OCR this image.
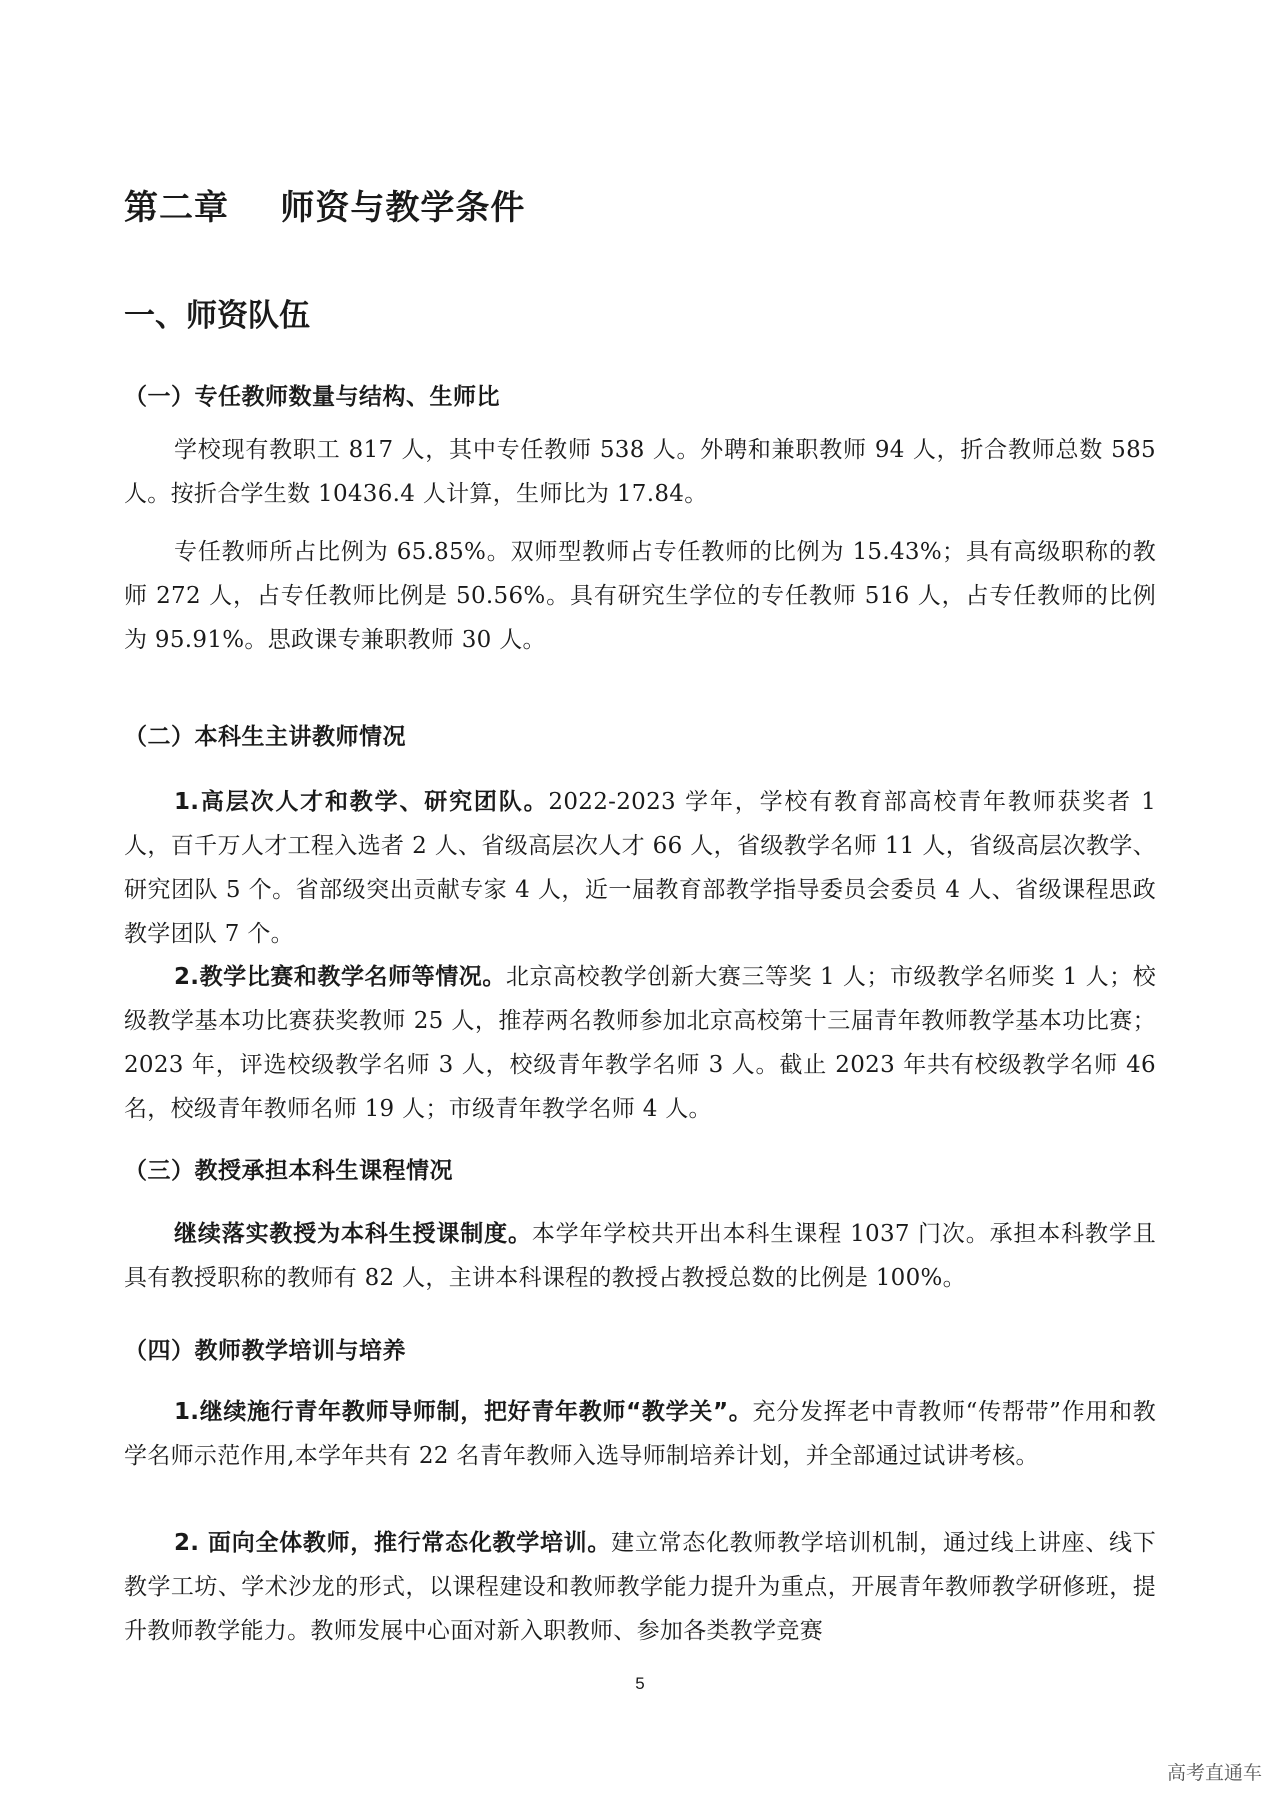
第二章    师资与教学条件
一、师资队伍
（一）专任教师数量与结构、生师比
学校现有教职工 817 人，其中专任教师 538 人。外聘和兼职教师 94 人，折合教师总数 585 人。按折合学生数 10436.4 人计算，生师比为 17.84。
专任教师所占比例为 65.85%。双师型教师占专任教师的比例为 15.43%；具有高级职称的教师 272 人，占专任教师比例是 50.56%。具有研究生学位的专任教师 516 人，占专任教师的比例为 95.91%。思政课专兼职教师 30 人。
（二）本科生主讲教师情况
1.高层次人才和教学、研究团队。2022-2023 学年，学校有教育部高校青年教师获奖者 1 人，百千万人才工程入选者 2 人、省级高层次人才 66 人，省级教学名师 11 人，省级高层次教学、研究团队 5 个。省部级突出贡献专家 4 人，近一届教育部教学指导委员会委员 4 人、省级课程思政教学团队 7 个。
2.教学比赛和教学名师等情况。北京高校教学创新大赛三等奖 1 人；市级教学名师奖 1 人；校级教学基本功比赛获奖教师 25 人，推荐两名教师参加北京高校第十三届青年教师教学基本功比赛；2023 年，评选校级教学名师 3 人，校级青年教学名师 3 人。截止 2023 年共有校级教学名师 46 名，校级青年教师名师 19 人；市级青年教学名师 4 人。
（三）教授承担本科生课程情况
继续落实教授为本科生授课制度。本学年学校共开出本科生课程 1037 门次。承担本科教学且具有教授职称的教师有 82 人，主讲本科课程的教授占教授总数的比例是 100%。
（四）教师教学培训与培养
1.继续施行青年教师导师制，把好青年教师“教学关”。充分发挥老中青教师“传帮带”作用和教学名师示范作用,本学年共有 22 名青年教师入选导师制培养计划，并全部通过试讲考核。
2. 面向全体教师，推行常态化教学培训。建立常态化教师教学培训机制，通过线上讲座、线下教学工坊、学术沙龙的形式，以课程建设和教师教学能力提升为重点，开展青年教师教学研修班，提升教师教学能力。教师发展中心面对新入职教师、参加各类教学竞赛
5
高考直通车
